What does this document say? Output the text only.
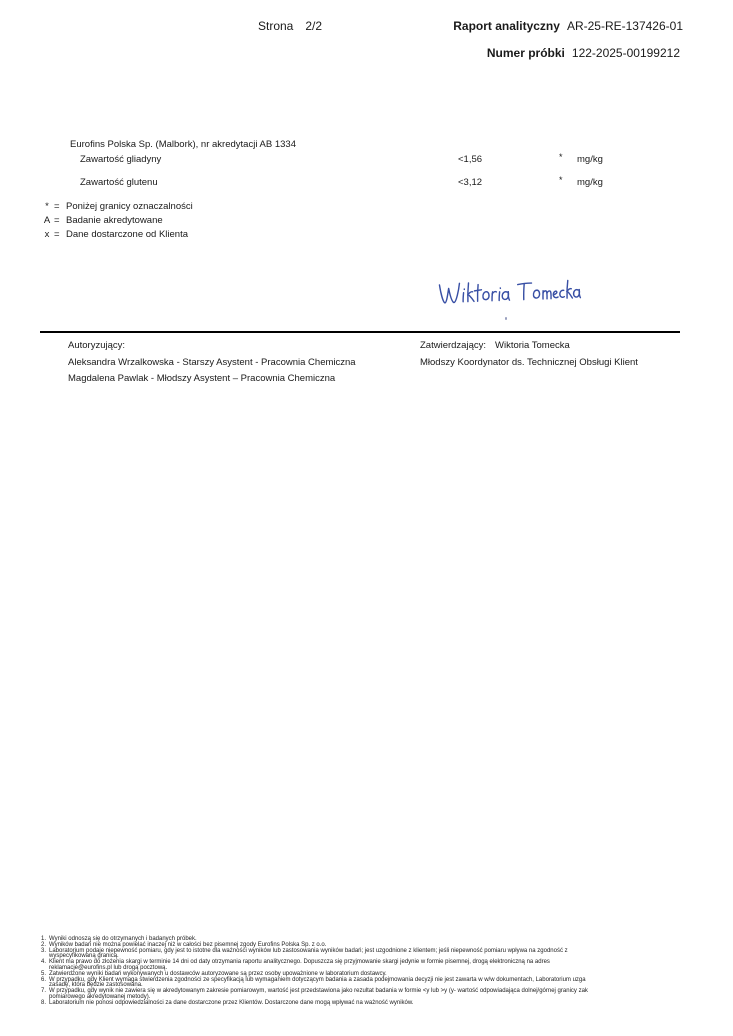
Strona 2/2	Raport analityczny AR-25-RE-137426-01
Numer próbki 122-2025-00199212
Eurofins Polska Sp. (Malbork), nr akredytacji AB 1334
Zawartość gliadyny	<1,56	* mg/kg
Zawartość glutenu	<3,12	* mg/kg
* = Poniżej granicy oznaczalności
A = Badanie akredytowane
x = Dane dostarczone od Klienta
Autoryzujący:
Aleksandra Wrzalkowska - Starszy Asystent - Pracownia Chemiczna
Magdalena Pawlak - Młodszy Asystent – Pracownia Chemiczna
Zatwierdzający: Wiktoria Tomecka
Młodszy Koordynator ds. Technicznej Obsługi Klient
1. Wyniki odnoszą się do otrzymanych i badanych próbek.
2. Wyników badań nie można powielać inaczej niż w całości bez pisemnej zgody Eurofins Polska Sp. z o.o.
3. Laboratorium podaje niepewność pomiaru, gdy jest to istotne dla ważności wyników lub zastosowania wyników badań; jest uzgodnione z klientem; jeśli niepewność pomiaru wpływa na zgodność z
wyspecyfikowaną granicą.
4. Klient ma prawo do złożenia skargi w terminie 14 dni od daty otrzymania raportu analitycznego. Dopuszcza się przyjmowanie skargi jedynie w formie pisemnej, drogą elektroniczną na adres
reklamacje@eurofins.pl lub drogą pocztową.
5. Zatwierdzone wyniki badań wykonywanych u dostawców autoryzowane są przez osoby upoważnione w laboratorium dostawcy.
6. W przypadku, gdy Klient wymaga stwierdzenia zgodności ze specyfikacją lub wymaganiem dotyczącym badania a zasada podejmowania decyzji nie jest zawarta w w/w dokumentach, Laboratorium uzga
zasadę, która będzie zastosowana.
7. W przypadku, gdy wynik nie zawiera się w akredytowanym zakresie pomiarowym, wartość jest przedstawiona jako rezultat badania w formie <y lub >y (y- wartość odpowiadająca dolnej/górnej granicy zak
pomiarowego akredytowanej metody).
8. Laboratorium nie ponosi odpowiedzialności za dane dostarczone przez Klientów. Dostarczone dane mogą wpływać na ważność wyników.
